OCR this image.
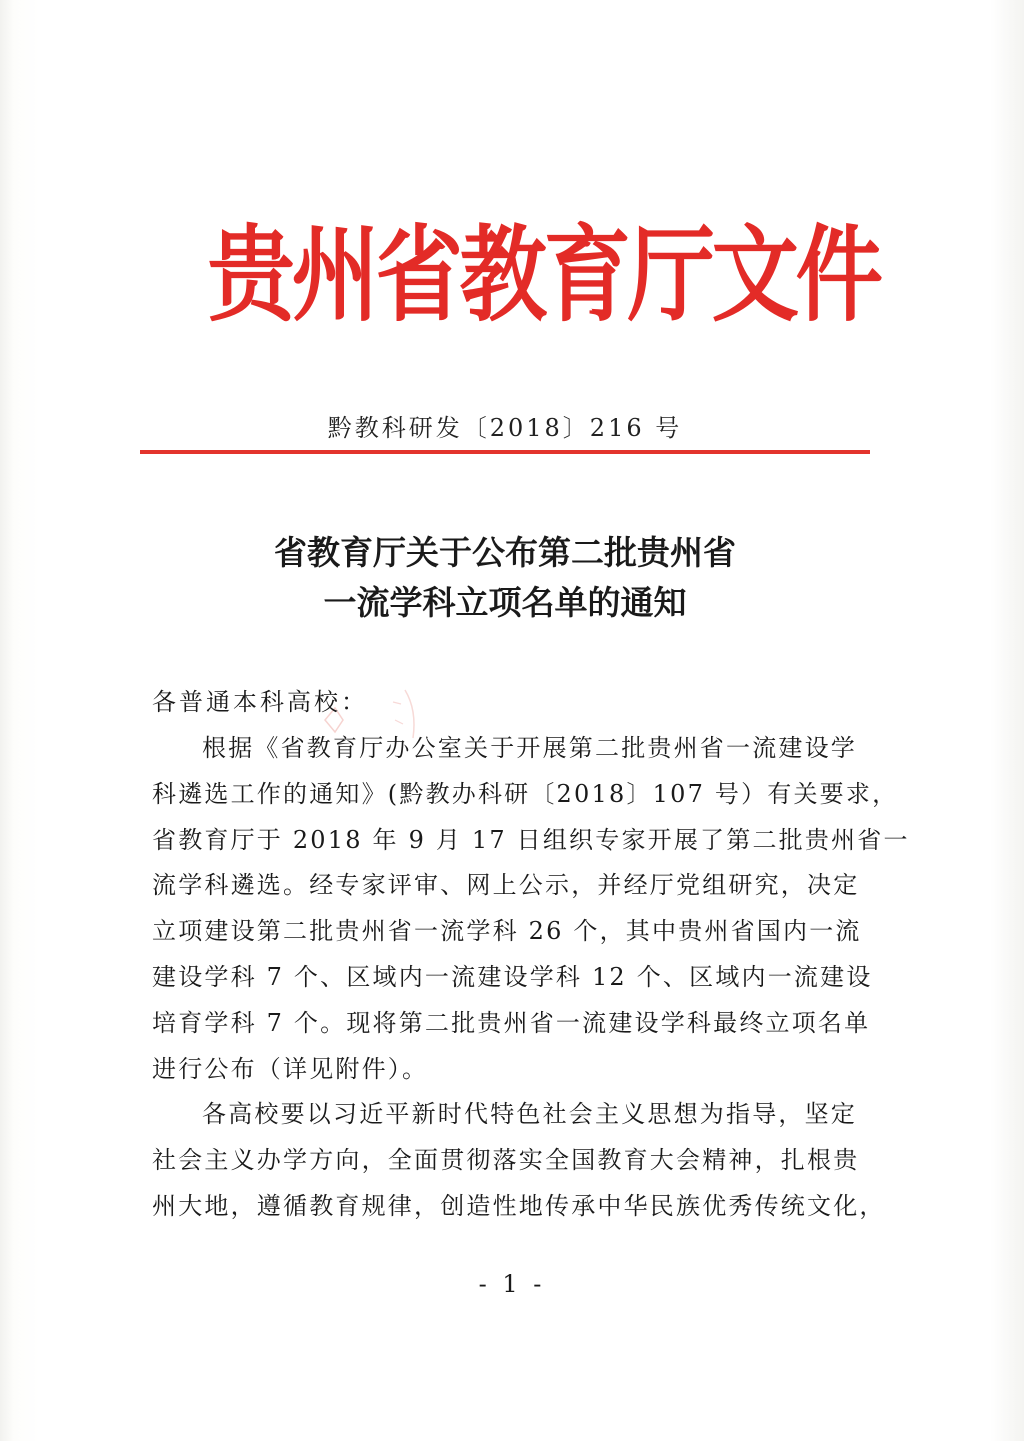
贵州省教育厅文件
黔教科研发〔2018〕216 号
省教育厅关于公布第二批贵州省
一流学科立项名单的通知
各普通本科高校：
根据《省教育厅办公室关于开展第二批贵州省一流建设学
科遴选工作的通知》(黔教办科研〔2018〕107 号）有关要求，
省教育厅于 2018 年 9 月 17 日组织专家开展了第二批贵州省一
流学科遴选。经专家评审、网上公示，并经厅党组研究，决定
立项建设第二批贵州省一流学科 26 个，其中贵州省国内一流
建设学科 7 个、区域内一流建设学科 12 个、区域内一流建设
培育学科 7 个。现将第二批贵州省一流建设学科最终立项名单
进行公布（详见附件）。
各高校要以习近平新时代特色社会主义思想为指导，坚定
社会主义办学方向，全面贯彻落实全国教育大会精神，扎根贵
州大地，遵循教育规律，创造性地传承中华民族优秀传统文化，
- 1 -
